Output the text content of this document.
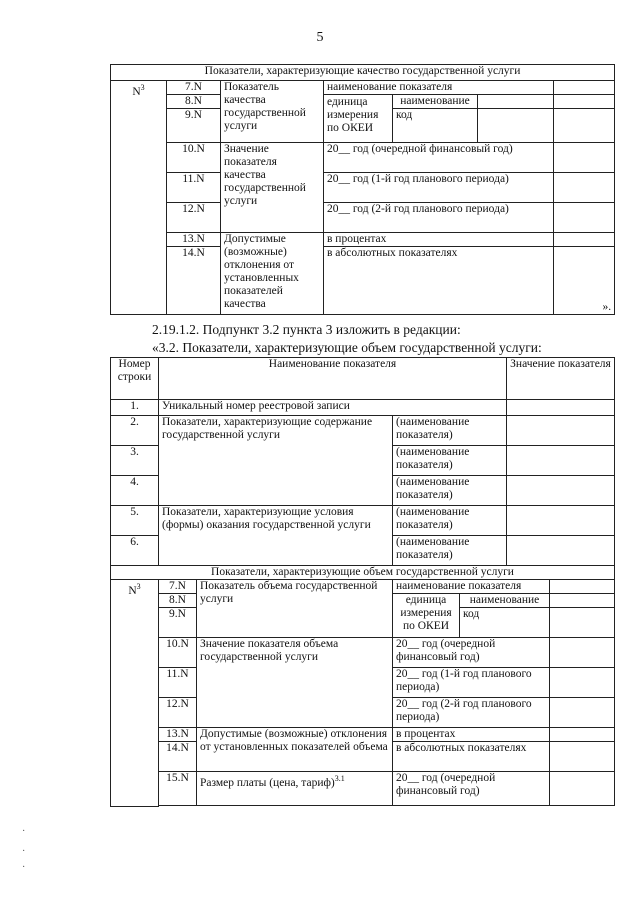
5
Показатели, характеризующие качество государственной услуги						
$N^3$	7.N	Показатель качества государственной услуги	наименование показателя			
	8.N		единица измерения по ОКЕИ	наименование		
	9.N			код		
	10.N	Значение показателя качества государственной услуги	20__ год (очередной финансовый год)			
	11.N		20__ год (1-й год планового периода)			
	12.N		20__ год (2-й год планового периода)			
	13.N	Допустимые (возможные) отклонения от установленных показателей качества	в процентах			
	14.N		в абсолютных показателях			».
2.19.1.2. Подпункт 3.2 пункта 3 изложить в редакции:
«3.2. Показатели, характеризующие объем государственной услуги:
Номер строки	Наименование показателя				Значение показателя	
1.	Уникальный номер реестровой записи					
2.	Показатели, характеризующие содержание государственной услуги		(наименование показателя)			
3.			(наименование показателя)			
4.			(наименование показателя)			
5.	Показатели, характеризующие условия (формы) оказания государственной услуги		(наименование показателя)			
6.			(наименование показателя)			
Показатели, характеризующие объем государственной услуги						
$N^3$	7.N	Показатель объема государственной услуги	наименование показателя			
	8.N		единица измерения по ОКЕИ	наименование		
	9.N			код		
	10.N	Значение показателя объема государственной услуги	20__ год (очередной финансовый год)			
	11.N		20__ год (1-й год планового периода)			
	12.N		20__ год (2-й год планового периода)			
	13.N	Допустимые (возможные) отклонения от установленных показателей объема	в процентах			
	14.N		в абсолютных показателях			
	15.N	Размер платы (цена, тариф)$^{3.1}$	20__ год (очередной финансовый год)			

·
·
·
